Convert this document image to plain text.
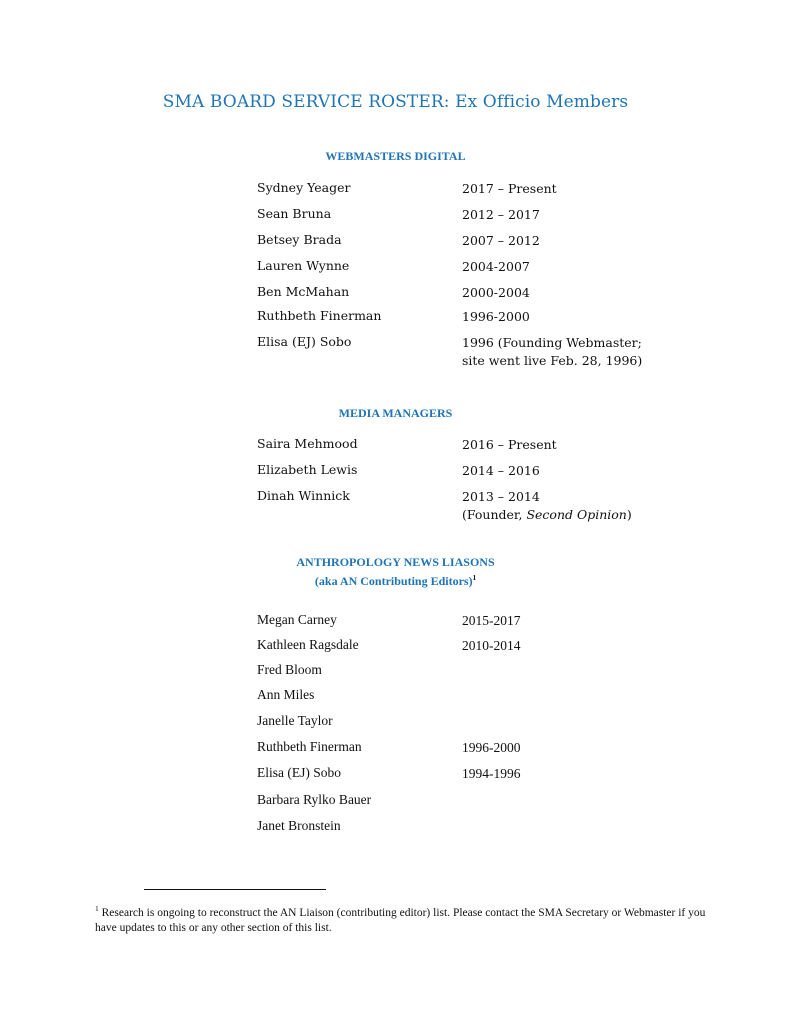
SMA BOARD SERVICE ROSTER: Ex Officio Members
WEBMASTERS DIGITAL
Sydney Yeager	2017 – Present
Sean Bruna	2012 – 2017
Betsey Brada	2007 – 2012
Lauren Wynne	2004-2007
Ben McMahan	2000-2004
Ruthbeth Finerman	1996-2000
Elisa (EJ) Sobo	1996 (Founding Webmaster;
site went live Feb. 28, 1996)
MEDIA MANAGERS
Saira Mehmood	2016 – Present
Elizabeth Lewis	2014 – 2016
Dinah Winnick	2013 – 2014
(Founder, Second Opinion)
ANTHROPOLOGY NEWS LIASONS
(aka AN Contributing Editors)$^1$
Megan Carney	2015-2017
Kathleen Ragsdale	2010-2014
Fred Bloom
Ann Miles
Janelle Taylor
Ruthbeth Finerman	1996-2000
Elisa (EJ) Sobo	1994-1996
Barbara Rylko Bauer
Janet Bronstein
$^1$ Research is ongoing to reconstruct the AN Liaison (contributing editor) list. Please contact the SMA Secretary or Webmaster if you have updates to this or any other section of this list.
